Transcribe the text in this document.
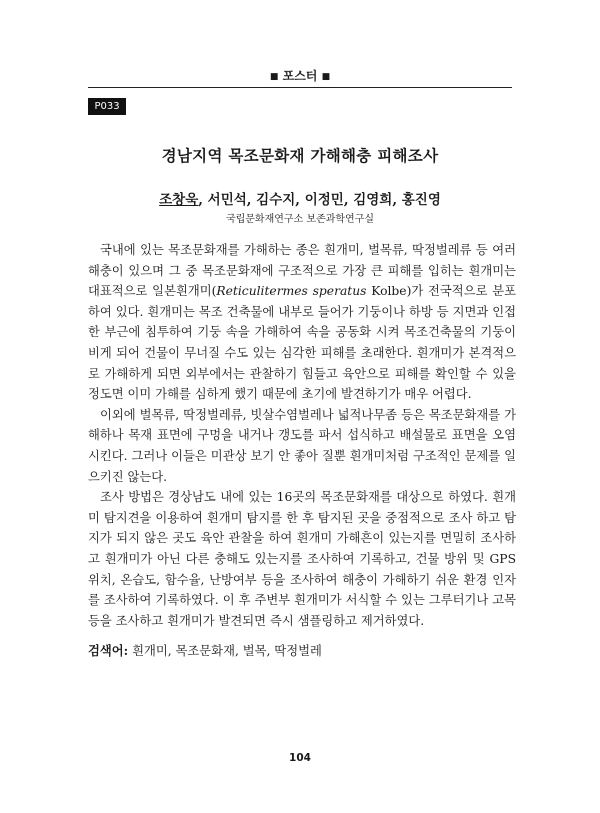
■ 포스터 ■
P033
경남지역 목조문화재 가해해충 피해조사
조창욱, 서민석, 김수지, 이정민, 김영희, 홍진영
국립문화재연구소 보존과학연구실

국내에 있는 목조문화재를 가해하는 종은 흰개미, 벌목류, 딱정벌레류 등 여러 해충이 있으며 그 중 목조문화재에 구조적으로 가장 큰 피해를 입히는 흰개미는 대표적으로 일본흰개미(Reticulitermes speratus Kolbe)가 전국적으로 분포하여 있다. 흰개미는 목조 건축물에 내부로 들어가 기둥이나 하방 등 지면과 인접한 부근에 침투하여 기둥 속을 가해하여 속을 공동화 시켜 목조건축물의 기둥이 비게 되어 건물이 무너질 수도 있는 심각한 피해를 초래한다. 흰개미가 본격적으로 가해하게 되면 외부에서는 관찰하기 힘들고 육안으로 피해를 확인할 수 있을 정도면 이미 가해를 심하게 했기 때문에 초기에 발견하기가 매우 어렵다.

이외에 벌목류, 딱정벌레류, 빗살수염벌레나 넓적나무좀 등은 목조문화재를 가해하나 목재 표면에 구멍을 내거나 갱도를 파서 섭식하고 배설물로 표면을 오염시킨다. 그러나 이들은 미관상 보기 안 좋아 질뿐 흰개미처럼 구조적인 문제를 일으키진 않는다.

조사 방법은 경상남도 내에 있는 16곳의 목조문화재를 대상으로 하였다. 흰개미 탐지견을 이용하여 흰개미 탐지를 한 후 탐지된 곳을 중점적으로 조사 하고 탐지가 되지 않은 곳도 육안 관찰을 하여 흰개미 가해흔이 있는지를 면밀히 조사하고 흰개미가 아닌 다른 충해도 있는지를 조사하여 기록하고, 건물 방위 및 GPS 위치, 온습도, 함수율, 난방여부 등을 조사하여 해충이 가해하기 쉬운 환경 인자를 조사하여 기록하였다. 이 후 주변부 흰개미가 서식할 수 있는 그루터기나 고목 등을 조사하고 흰개미가 발견되면 즉시 샘플링하고 제거하였다.

검색어: 흰개미, 목조문화재, 벌목, 딱정벌레
104
